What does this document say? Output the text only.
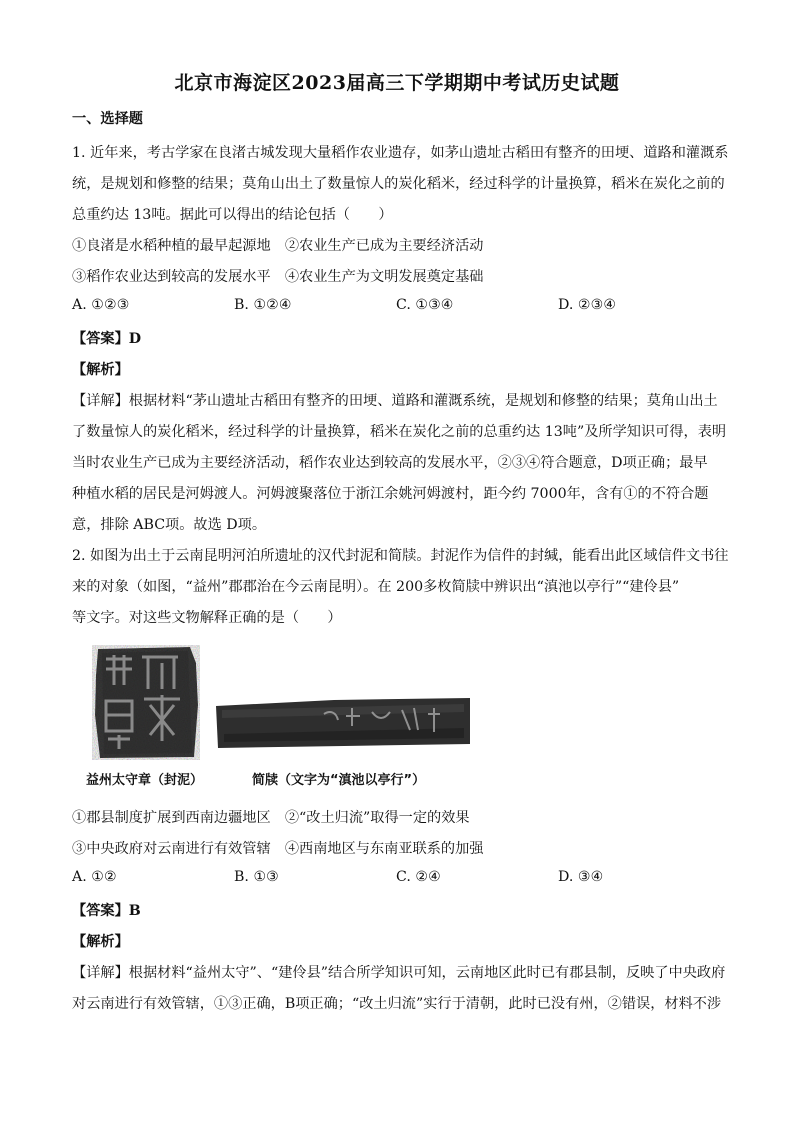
北京市海淀区2023届高三下学期期中考试历史试题
一、选择题
1. 近年来，考古学家在良渚古城发现大量稻作农业遗存，如茅山遗址古稻田有整齐的田埂、道路和灌溉系
统，是规划和修整的结果；莫角山出土了数量惊人的炭化稻米，经过科学的计量换算，稻米在炭化之前的
总重约达 13吨。据此可以得出的结论包括（　　）
①良渚是水稻种植的最早起源地　②农业生产已成为主要经济活动
③稻作农业达到较高的发展水平　④农业生产为文明发展奠定基础
A. ①②③	B. ①②④	C. ①③④	D. ②③④
【答案】D
【解析】
【详解】根据材料“茅山遗址古稻田有整齐的田埂、道路和灌溉系统，是规划和修整的结果；莫角山出土
了数量惊人的炭化稻米，经过科学的计量换算，稻米在炭化之前的总重约达 13吨”及所学知识可得，表明
当时农业生产已成为主要经济活动，稻作农业达到较高的发展水平，②③④符合题意，D项正确；最早
种植水稻的居民是河姆渡人。河姆渡聚落位于浙江余姚河姆渡村，距今约 7000年，含有①的不符合题
意，排除 ABC项。故选 D项。
2. 如图为出土于云南昆明河泊所遗址的汉代封泥和简牍。封泥作为信件的封缄，能看出此区域信件文书往
来的对象（如图，“益州”郡郡治在今云南昆明）。在 200多枚简牍中辨识出“滇池以亭行”“建伶县”
等文字。对这些文物解释正确的是（　　）
益州太守章（封泥）	简牍（文字为“滇池以亭行”）
①郡县制度扩展到西南边疆地区　②“改土归流”取得一定的效果
③中央政府对云南进行有效管辖　④西南地区与东南亚联系的加强
A. ①②	B. ①③	C. ②④	D. ③④
【答案】B
【解析】
【详解】根据材料“益州太守”、“建伶县”结合所学知识可知，云南地区此时已有郡县制，反映了中央政府
对云南进行有效管辖，①③正确，B项正确；“改土归流”实行于清朝，此时已没有州，②错误，材料不涉
